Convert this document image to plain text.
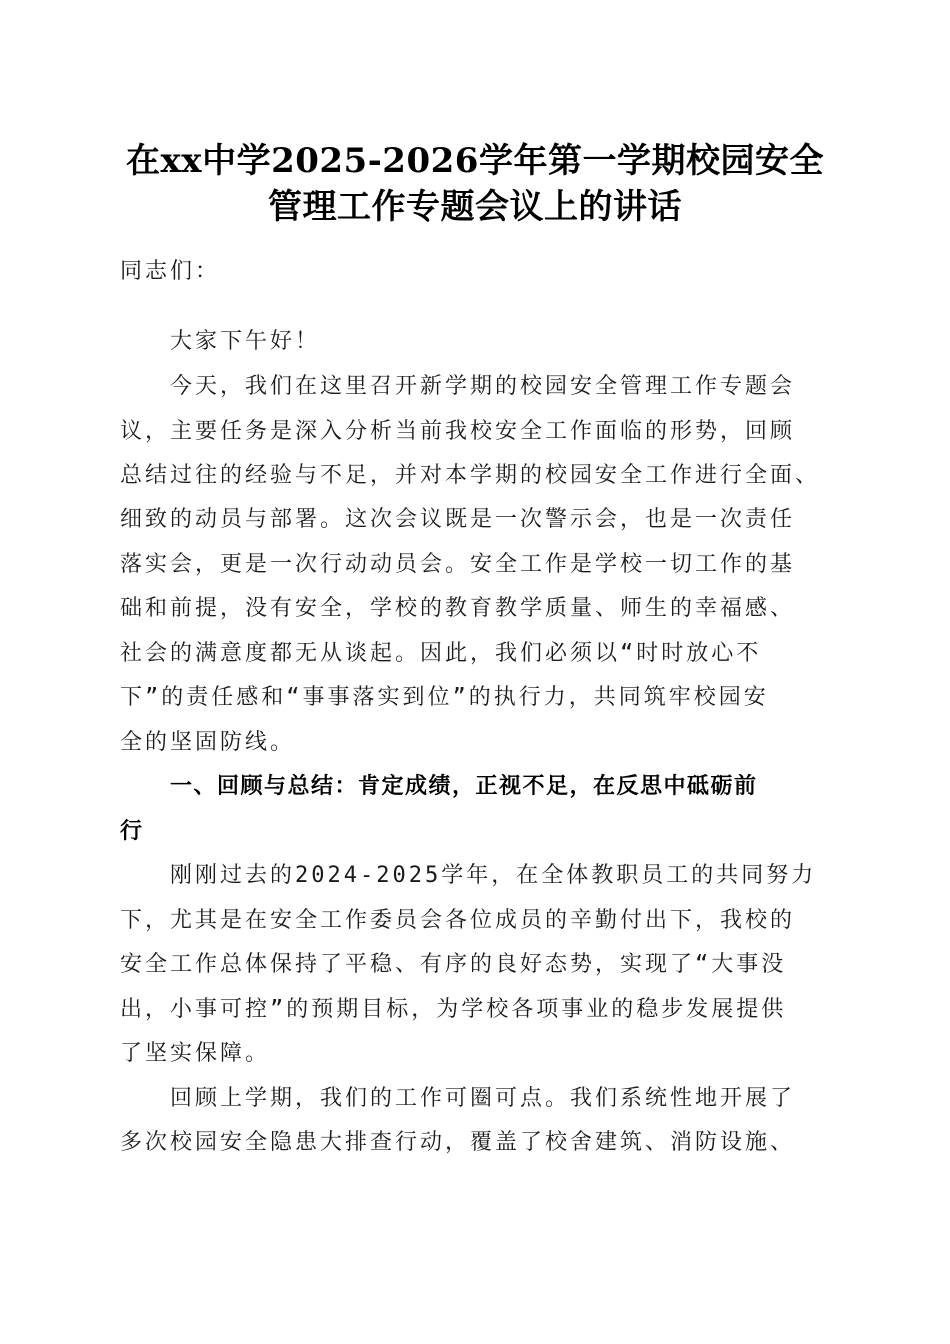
在xx中学2025-2026学年第一学期校园安全
管理工作专题会议上的讲话
同志们：
大家下午好！
今天，我们在这里召开新学期的校园安全管理工作专题会
议，主要任务是深入分析当前我校安全工作面临的形势，回顾
总结过往的经验与不足，并对本学期的校园安全工作进行全面、
细致的动员与部署。这次会议既是一次警示会，也是一次责任
落实会，更是一次行动动员会。安全工作是学校一切工作的基
础和前提，没有安全，学校的教育教学质量、师生的幸福感、
社会的满意度都无从谈起。因此，我们必须以“时时放心不
下”的责任感和“事事落实到位”的执行力，共同筑牢校园安
全的坚固防线。
一、回顾与总结：肯定成绩，正视不足，在反思中砥砺前
行
刚刚过去的2024-2025学年，在全体教职员工的共同努力
下，尤其是在安全工作委员会各位成员的辛勤付出下，我校的
安全工作总体保持了平稳、有序的良好态势，实现了“大事没
出，小事可控”的预期目标，为学校各项事业的稳步发展提供
了坚实保障。
回顾上学期，我们的工作可圈可点。我们系统性地开展了
多次校园安全隐患大排查行动，覆盖了校舍建筑、消防设施、
